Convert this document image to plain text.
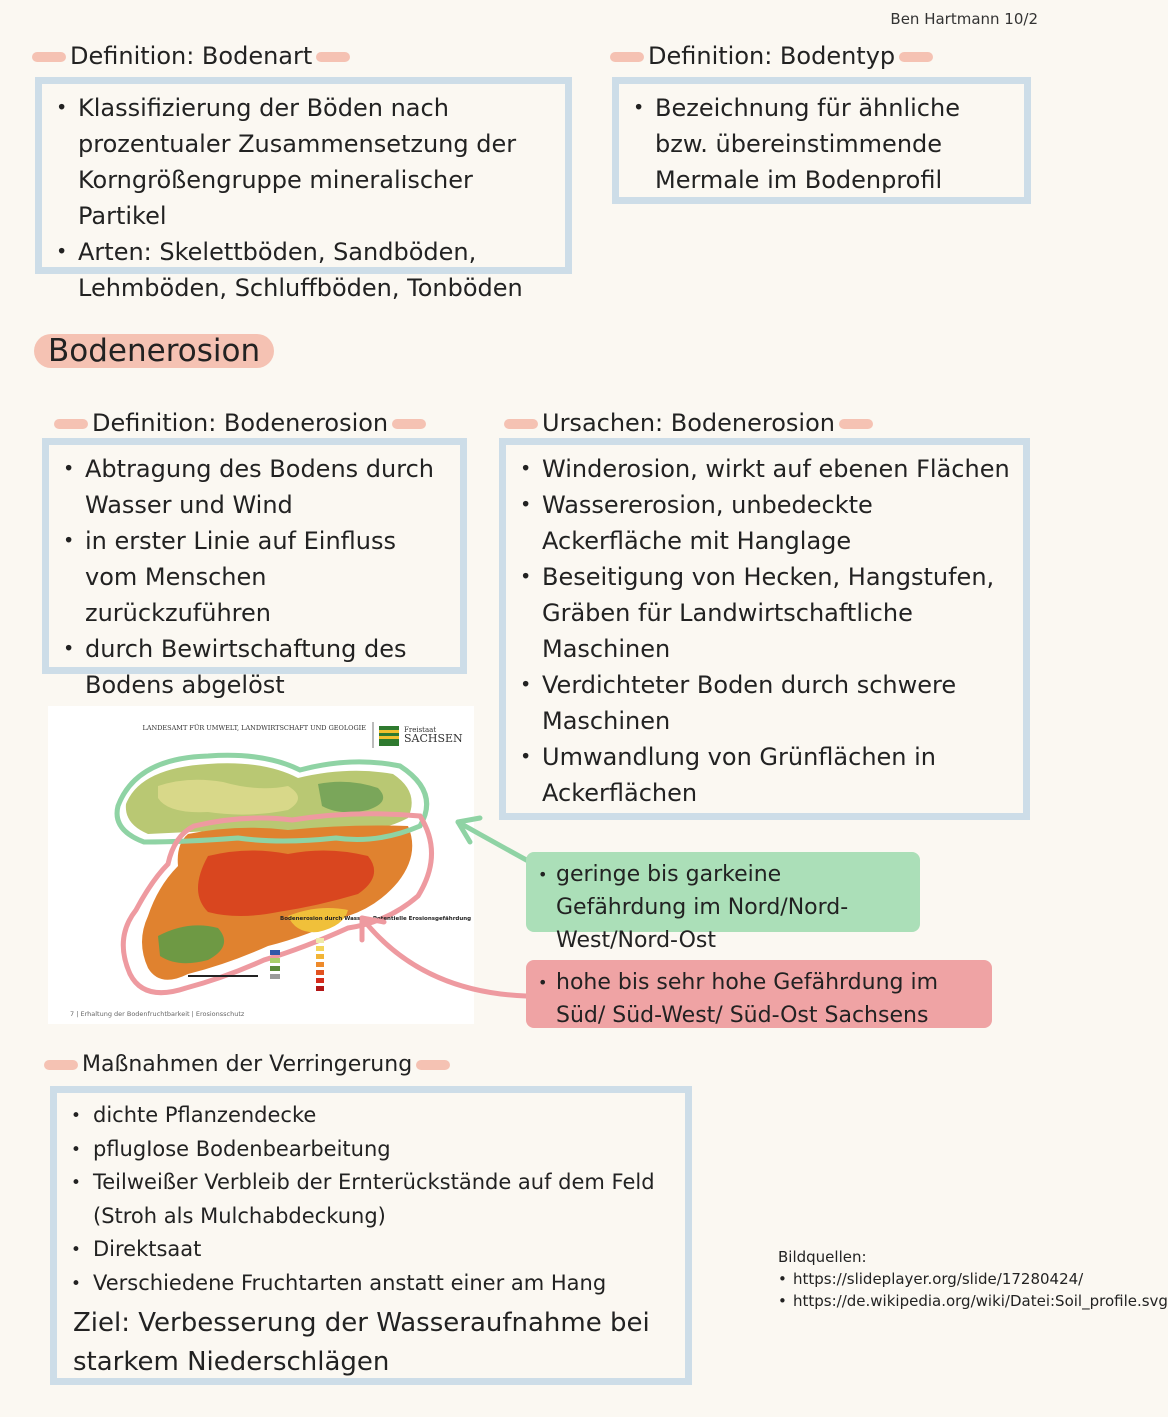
Ben Hartmann 10/2
Definition: Bodenart
• Klassifizierung der Böden nach prozentualer Zusammensetzung der Korngrößengruppe mineralischer Partikel
• Arten: Skelettböden, Sandböden, Lehmböden, Schluffböden, Tonböden
Definition: Bodentyp
• Bezeichnung für ähnliche bzw. übereinstimmende Mermale im Bodenprofil
Bodenerosion
Definition: Bodenerosion
• Abtragung des Bodens durch Wasser und Wind
• in erster Linie auf Einfluss vom Menschen zurückzuführen
• durch Bewirtschaftung des Bodens abgelöst
Ursachen: Bodenerosion
• Winderosion, wirkt auf ebenen Flächen
• Wassererosion, unbedeckte Ackerfläche mit Hanglage
• Beseitigung von Hecken, Hangstufen, Gräben für Landwirtschaftliche Maschinen
• Verdichteter Boden durch schwere Maschinen
• Umwandlung von Grünflächen in Ackerflächen
LANDESAMT FÜR UMWELT, LANDWIRTSCHAFT UND GEOLOGIE	Freistaat
SACHSEN
Bodenerosion durch Wasser - Potentielle Erosionsgefährdung
7 | Erhaltung der Bodenfruchtbarkeit | Erosionsschutz
• geringe bis garkeine Gefährdung im Nord/Nord-West/Nord-Ost
• hohe bis sehr hohe Gefährdung im Süd/ Süd-West/ Süd-Ost Sachsens
Maßnahmen der Verringerung
• dichte Pflanzendecke
• pflugIose Bodenbearbeitung
• Teilweißer Verbleib der Ernterückstände auf dem Feld (Stroh als Mulchabdeckung)
• Direktsaat
• Verschiedene Fruchtarten anstatt einer am Hang
Ziel: Verbesserung der Wasseraufnahme bei starkem Niederschlägen
Bildquellen:
• https://slideplayer.org/slide/17280424/
• https://de.wikipedia.org/wiki/Datei:Soil_profile.svg
